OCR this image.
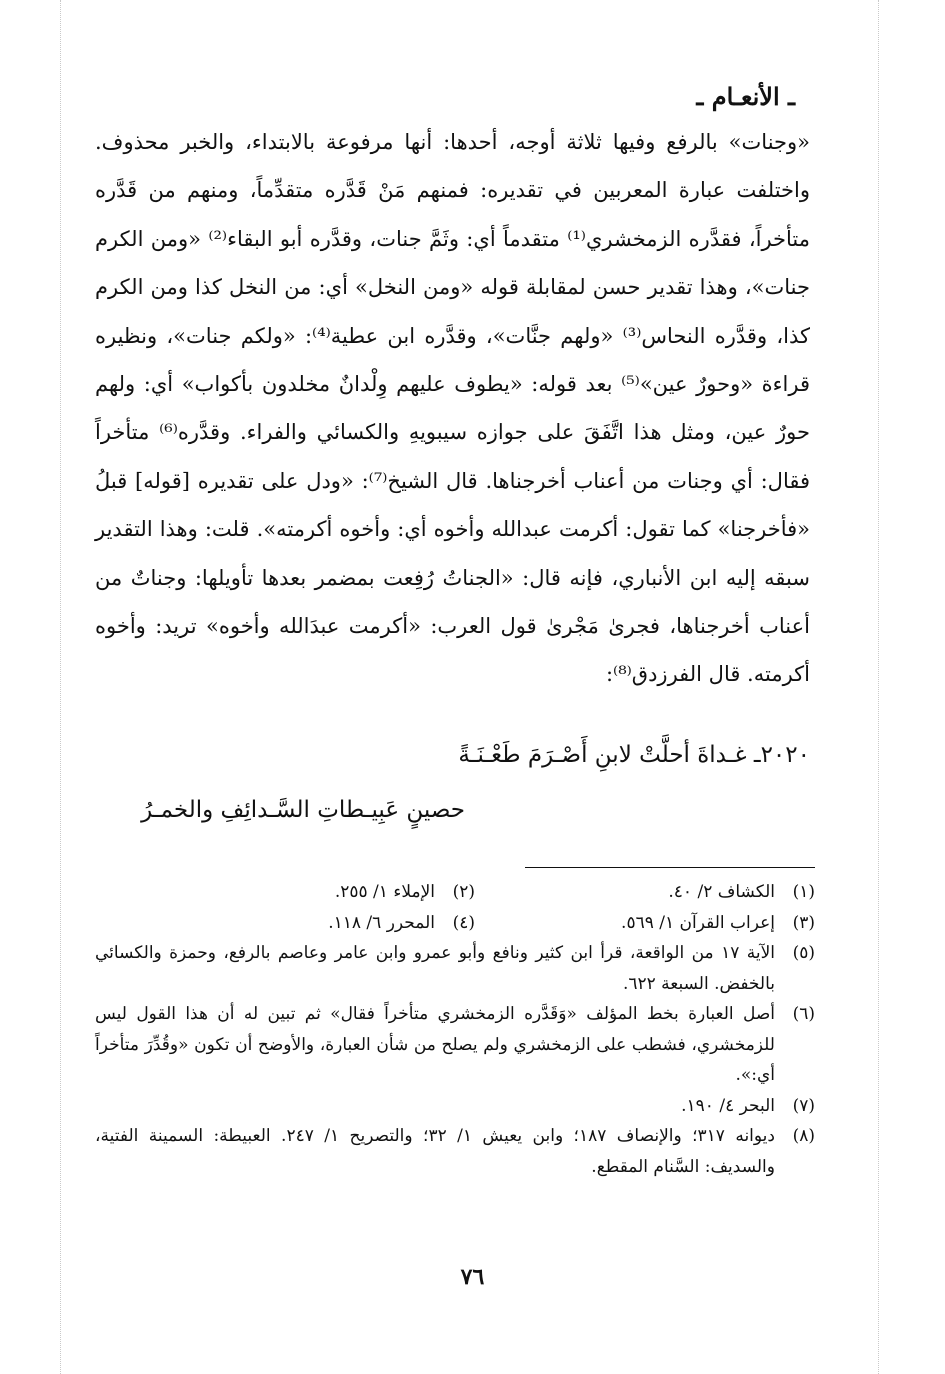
ـ الأنعـام ـ

«وجنات» بالرفع وفيها ثلاثة أوجه، أحدها: أنها مرفوعة بالابتداء، والخبر محذوف. واختلفت عبارة المعربين في تقديره: فمنهم مَنْ قَدَّره متقدِّماً، ومنهم من قَدَّره متأخراً، فقدَّره الزمخشري⁽¹⁾ متقدماً أي: وثَمَّ جنات، وقدَّره أبو البقاء⁽²⁾ «ومن الكرم جنات»، وهذا تقدير حسن لمقابلة قوله «ومن النخل» أي: من النخل كذا ومن الكرم كذا، وقدَّره النحاس⁽³⁾ «ولهم جنَّات»، وقدَّره ابن عطية⁽⁴⁾: «ولكم جنات»، ونظيره قراءة «وحورٌ عين»⁽⁵⁾ بعد قوله: «يطوف عليهم وِلْدانٌ مخلدون بأكواب» أي: ولهم حورٌ عين، ومثل هذا اتَّفَقَ على جوازه سيبويهِ والكسائي والفراء. وقدَّره⁽⁶⁾ متأخراً فقال: أي وجنات من أعناب أخرجناها. قال الشيخ⁽⁷⁾: «ودل على تقديره [قوله] قبلُ «فأخرجنا» كما تقول: أكرمت عبدالله وأخوه أي: وأخوه أكرمته». قلت: وهذا التقدير سبقه إليه ابن الأنباري، فإنه قال: «الجناتُ رُفِعت بمضمر بعدها تأويلها: وجناتٌ من أعناب أخرجناها، فجرىٰ مَجْرىٰ قول العرب: «أكرمت عبدَالله وأخوه» تريد: وأخوه أكرمته. قال الفرزدق⁽⁸⁾:

٢٠٢٠ـ غـداةَ أحلَّتْ لابنِ أَصْـرَمَ طَعْـنَـةً
حصينٍ عَبِيـطاتِ السَّـدائِفِ والخمـرُ
(١)
الكشاف ٢/ ٤٠.
(٢)
الإملاء ١/ ٢٥٥.
(٣)
إعراب القرآن ١/ ٥٦٩.
(٤)
المحرر ٦/ ١١٨.
(٥)
الآية ١٧ من الواقعة، قرأ ابن كثير ونافع وأبو عمرو وابن عامر وعاصم بالرفع، وحمزة والكسائي بالخفض. السبعة ٦٢٢.
(٦)
أصل العبارة بخط المؤلف «وَقَدَّره الزمخشري متأخراً فقال» ثم تبين له أن هذا القول ليس للزمخشري، فشطب على الزمخشري ولم يصلح من شأن العبارة، والأوضح أن تكون «وقُدِّرَ متأخراً أي:».
(٧)
البحر ٤/ ١٩٠.
(٨)
ديوانه ٣١٧؛ والإنصاف ١٨٧؛ وابن يعيش ١/ ٣٢؛ والتصريح ١/ ٢٤٧. العبيطة: السمينة الفتية، والسديف: السَّنام المقطع.
٧٦
